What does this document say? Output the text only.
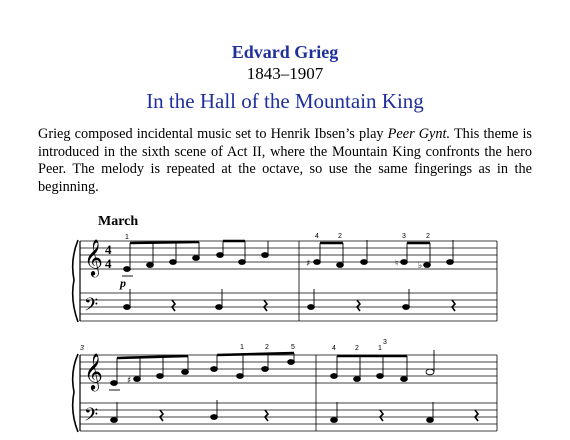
Edvard Grieg
1843–1907
In the Hall of the Mountain King
Grieg composed incidental music set to Henrik Ibsen’s play Peer Gynt. This theme is introduced in the sixth scene of Act II, where the Mountain King confronts the hero Peer. The melody is repeated at the octave, so use the same fingerings as in the beginning.
March
𝄞
𝄢
4
4	♯	♮ ♭
1	4	2	3	2
p
3
𝄞
𝄢
♯
1	2	5	4	2	1
3
